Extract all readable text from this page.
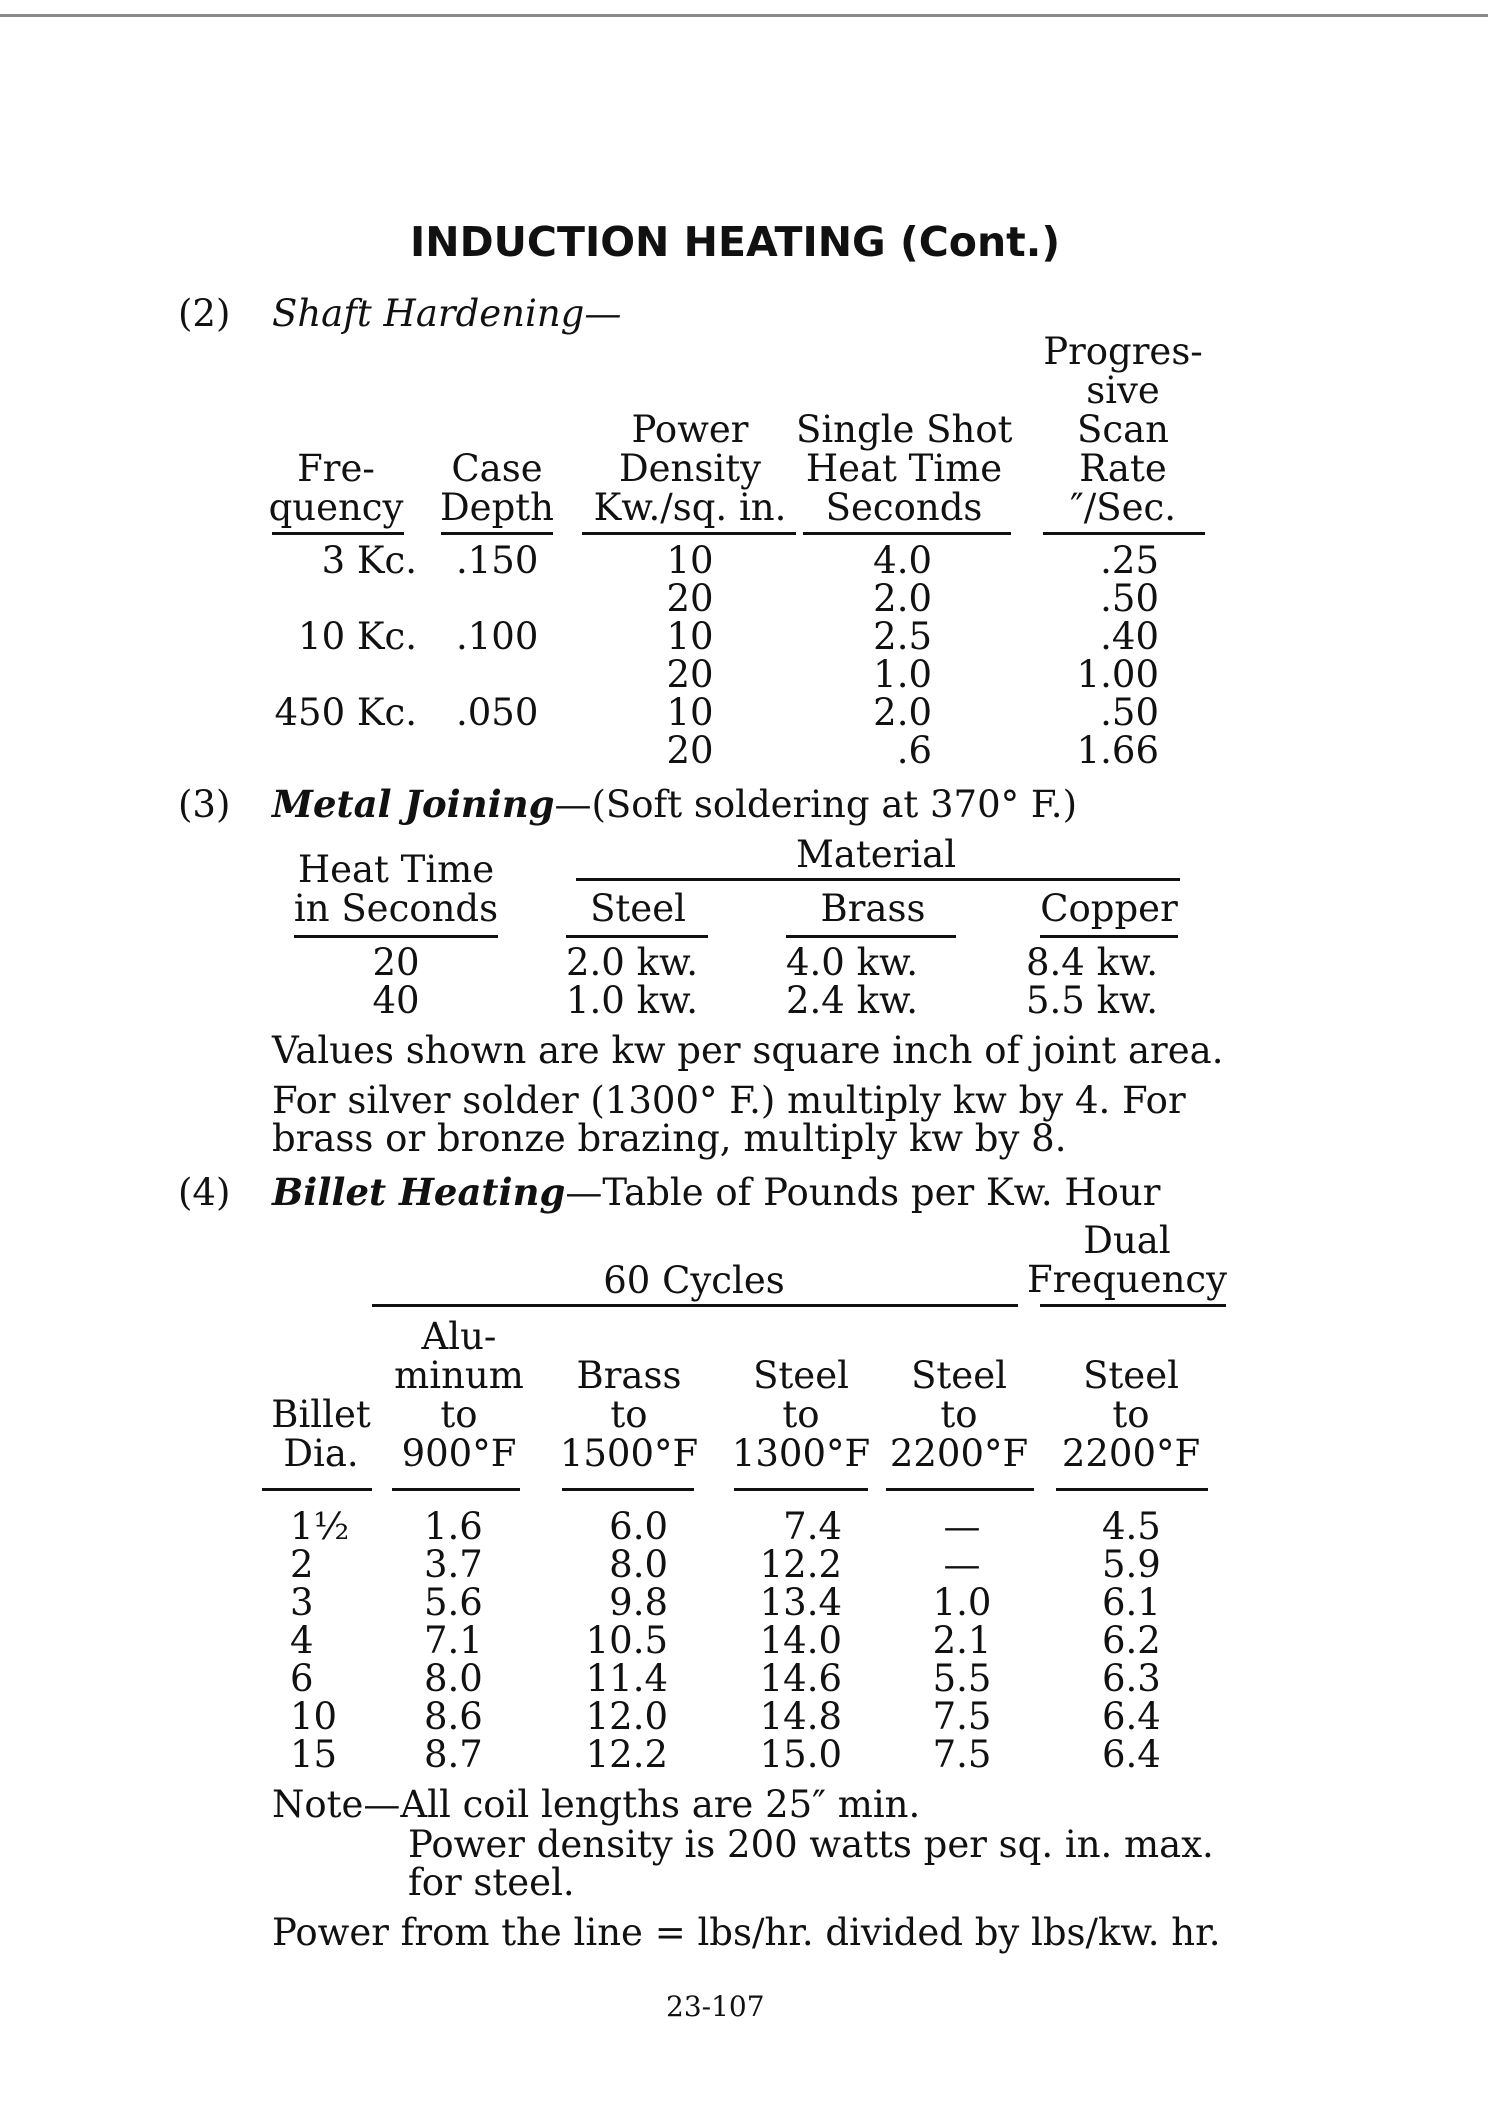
INDUCTION HEATING (Cont.)
(2) Shaft Hardening—
Fre-
quency
Case
Depth
Power
Density
Kw./sq. in.
Single Shot
Heat Time
Seconds
Progres-
sive
Scan
Rate
″/Sec.
3 Kc.
10 Kc.
450 Kc.
.150
.100
.050
10
20
10
20
10
20
4.0
2.0
2.5
1.0
2.0
.6
.25
.50
.40
1.00
.50
1.66
(3) Metal Joining—(Soft soldering at 370° F.)
Heat Time
in Seconds
Material
Steel	Brass	Copper
20
40
2.0 kw.
1.0 kw.
4.0 kw.
2.4 kw.
8.4 kw.
5.5 kw.
Values shown are kw per square inch of joint area.
For silver solder (1300° F.) multiply kw by 4. For
brass or bronze brazing, multiply kw by 8.
(4) Billet Heating—Table of Pounds per Kw. Hour
Dual
Frequency
60 Cycles
Billet
Dia.
Alu-
minum
to
900°F
Brass
to
1500°F
Steel
to
1300°F
Steel
to
2200°F
Steel
to
2200°F
1½
2
3
4
6
10
15
1.6
3.7
5.6
7.1
8.0
8.6
8.7
6.0
8.0
9.8
10.5
11.4
12.0
12.2
7.4
12.2
13.4
14.0
14.6
14.8
15.0
—
—
1.0
2.1
5.5
7.5
7.5
4.5
5.9
6.1
6.2
6.3
6.4
6.4
Note—All coil lengths are 25″ min.
Power density is 200 watts per sq. in. max.
for steel.
Power from the line = lbs/hr. divided by lbs/kw. hr.
23-107
